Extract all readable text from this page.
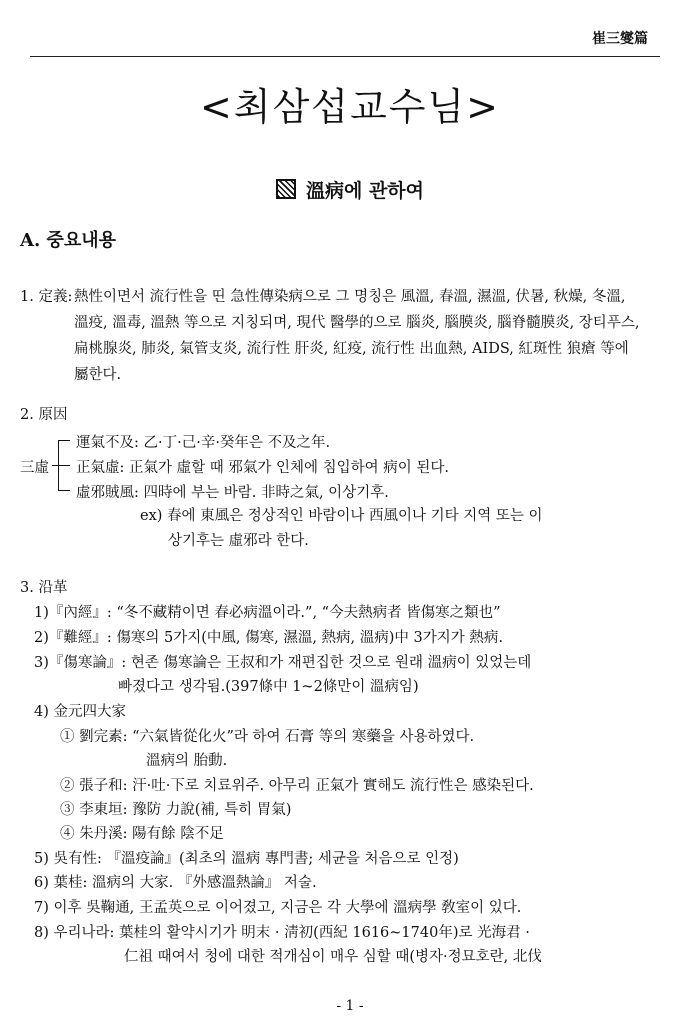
崔三燮篇
<최삼섭교수님>
溫病에 관하여
A. 중요내용
1. 定義: 熱性이면서 流行性을 띤 急性傳染病으로 그 명칭은 風溫, 春溫, 濕溫, 伏暑, 秋燥, 冬溫, 溫疫, 溫毒, 溫熱 等으로 지칭되며, 現代 醫學的으로 腦炎, 腦膜炎, 腦脊髓膜炎, 장티푸스, 扁桃腺炎, 肺炎, 氣管支炎, 流行性 肝炎, 紅疫, 流行性 出血熱, AIDS, 紅斑性 狼瘡 等에 屬한다.
2. 原因
三虛
運氣不及: 乙·丁·己·辛·癸年은 不及之年.
正氣虛: 正氣가 虛할 때 邪氣가 인체에 침입하여 病이 된다.
虛邪賊風: 四時에 부는 바람. 非時之氣, 이상기후.
ex) 春에 東風은 정상적인 바람이나 西風이나 기타 지역 또는 이
상기후는 虛邪라 한다.
3. 沿革
1)『內經』: “冬不藏精이면 春必病溫이라.”, “今夫熱病者 皆傷寒之類也”
2)『難經』: 傷寒의 5가지(中風, 傷寒, 濕溫, 熱病, 溫病)中 3가지가 熱病.
3)『傷寒論』: 현존 傷寒論은 王叔和가 재편집한 것으로 원래 溫病이 있었는데
빠졌다고 생각됨.(397條中 1~2條만이 溫病임)
4) 金元四大家
① 劉完素: “六氣皆從化火”라 하여 石膏 等의 寒藥을 사용하였다.
溫病의 胎動.
② 張子和: 汗·吐·下로 치료위주. 아무리 正氣가 實해도 流行性은 感染된다.
③ 李東垣: 豫防 力說(補, 특히 胃氣)
④ 朱丹溪: 陽有餘 陰不足
5) 吳有性: 『溫疫論』(최초의 溫病 專門書; 세균을 처음으로 인정)
6) 葉桂: 溫病의 大家. 『外感溫熱論』 저술.
7) 이후 吳鞠通, 王孟英으로 이어졌고, 지금은 각 大學에 溫病學 敎室이 있다.
8) 우리나라: 葉桂의 활약시기가 明末 · 淸初(西紀 1616~1740年)로 光海君 ·
仁祖 때여서 청에 대한 적개심이 매우 심할 때(병자·정묘호란, 北伐
- 1 -
